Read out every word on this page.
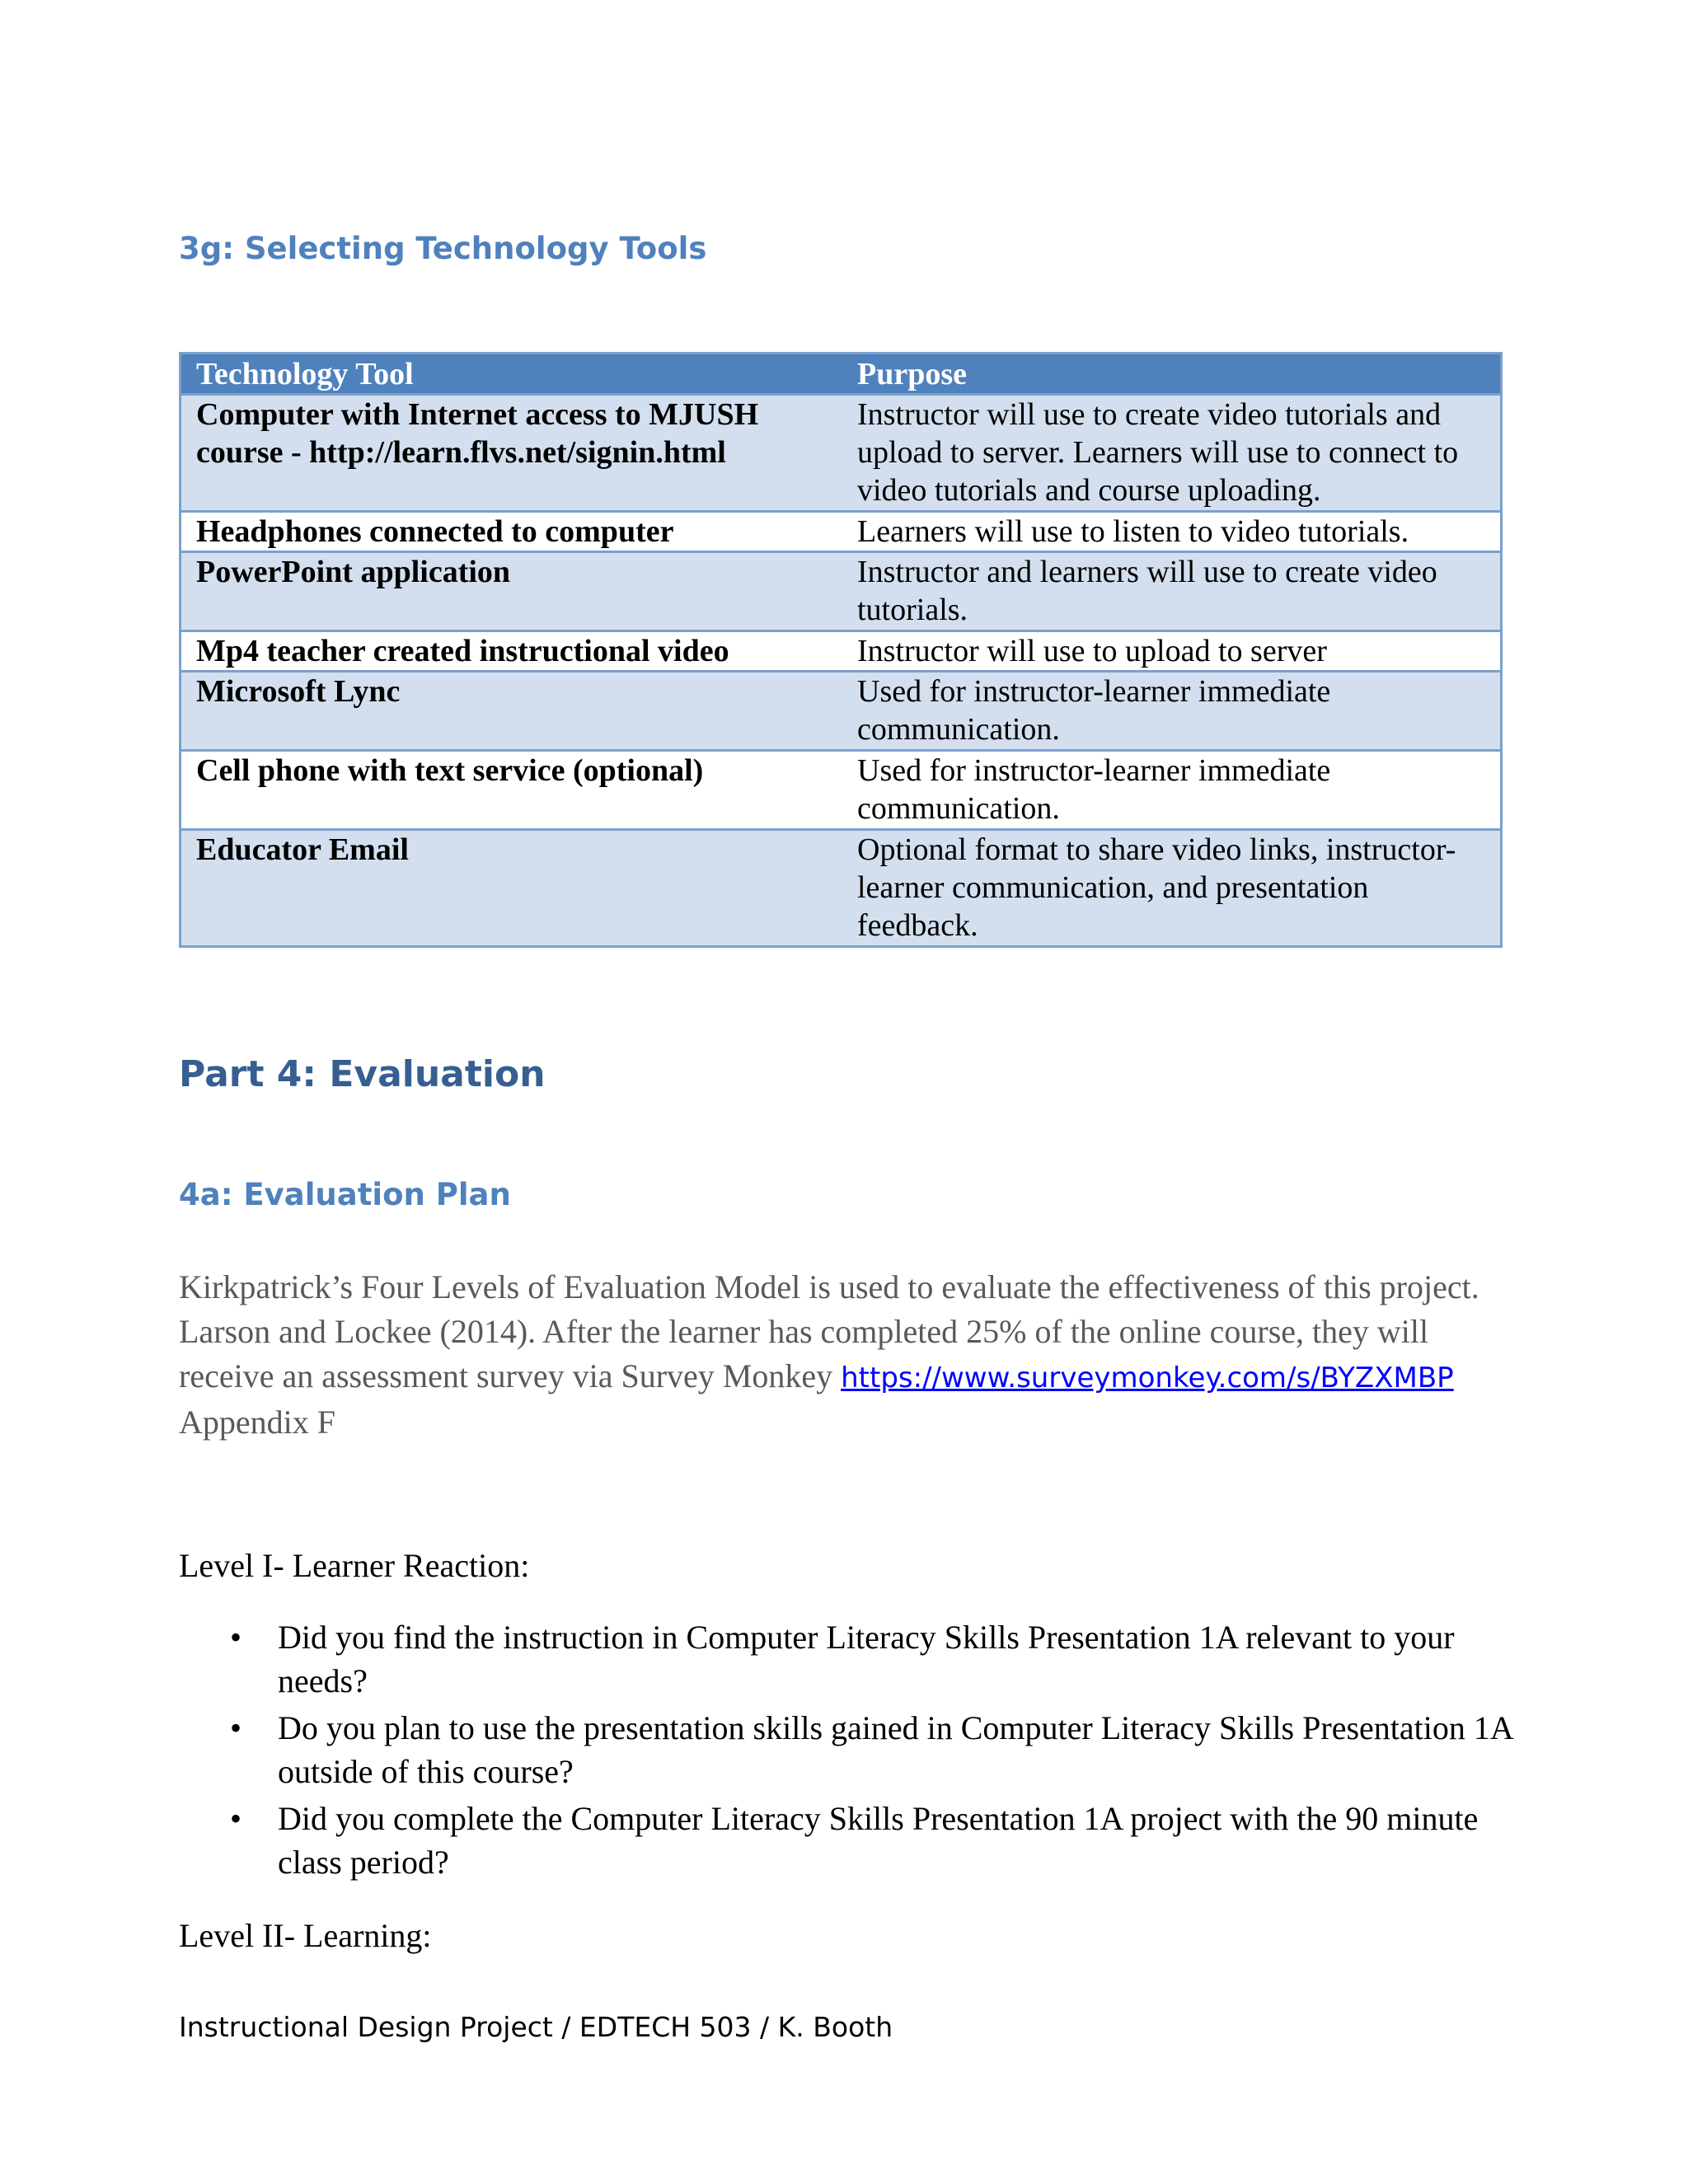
3g: Selecting Technology Tools
Technology Tool	Purpose
Computer with Internet access to MJUSH course - http://learn.flvs.net/signin.html	Instructor will use to create video tutorials and upload to server. Learners will use to connect to video tutorials and course uploading.
Headphones connected to computer	Learners will use to listen to video tutorials.
PowerPoint application	Instructor and learners will use to create video tutorials.
Mp4 teacher created instructional video	Instructor will use to upload to server
Microsoft Lync	Used for instructor-learner immediate communication.
Cell phone with text service (optional)	Used for instructor-learner immediate communication.
Educator Email	Optional format to share video links, instructor-learner communication, and presentation feedback.
Part 4: Evaluation
4a: Evaluation Plan

Kirkpatrick’s Four Levels of Evaluation Model is used to evaluate the effectiveness of this project. Larson and Lockee (2014). After the learner has completed 25% of the online course, they will receive an assessment survey via Survey Monkey https://www.surveymonkey.com/s/BYZXMBP
Appendix F

Level I- Learner Reaction:

• Did you find the instruction in Computer Literacy Skills Presentation 1A relevant to your needs?
• Do you plan to use the presentation skills gained in Computer Literacy Skills Presentation 1A outside of this course?
• Did you complete the Computer Literacy Skills Presentation 1A project with the 90 minute class period?

Level II- Learning:

Instructional Design Project / EDTECH 503 / K. Booth
